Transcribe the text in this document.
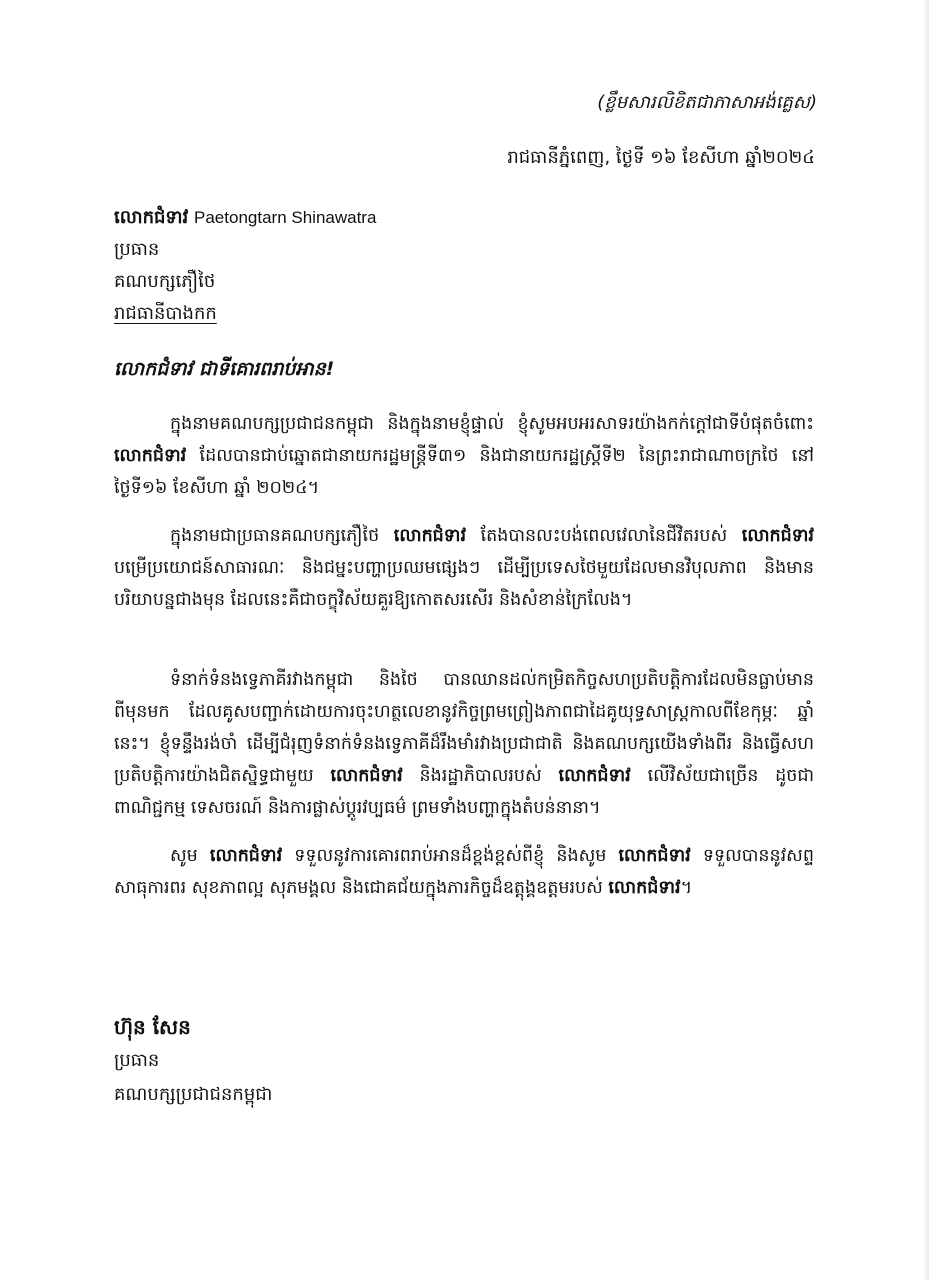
(ខ្លឹមសារលិខិតជាភាសាអង់គ្លេស)
រាជធានីភ្នំពេញ, ថ្ងៃទី ១៦ ខែសីហា ឆ្នាំ២០២៤
លោកជំទាវ Paetongtarn Shinawatra
ប្រធាន
គណបក្សភឿថៃ
រាជធានីបាងកក
លោកជំទាវ ជាទីគោរពរាប់អាន!

ក្នុងនាមគណបក្សប្រជាជនកម្ពុជា និងក្នុងនាមខ្ញុំផ្ទាល់ ខ្ញុំសូមអបអរសាទរយ៉ាងកក់ក្ដៅជាទីបំផុតចំពោះ លោកជំទាវ ដែលបានជាប់ឆ្នោតជានាយករដ្ឋមន្ត្រីទី៣១ និងជានាយករដ្ឋស្ត្រីទី២ នៃព្រះរាជាណាចក្រថៃ នៅថ្ងៃទី១៦ ខែសីហា ឆ្នាំ ២០២៤។

ក្នុងនាមជាប្រធានគណបក្សភឿថៃ លោកជំទាវ តែងបានលះបង់ពេលវេលានៃជីវិតរបស់ លោកជំទាវ បម្រើប្រយោជន៍សាធារណៈ និងជម្នះបញ្ហាប្រឈមផ្សេងៗ ដើម្បីប្រទេសថៃមួយដែលមានវិបុលភាព និងមានបរិយាបន្នជាងមុន ដែលនេះគឺជាចក្ខុវិស័យគួរឱ្យកោតសរសើរ និងសំខាន់ក្រៃលែង។

ទំនាក់ទំនងទ្វេភាគីរវាងកម្ពុជា និងថៃ បានឈានដល់កម្រិតកិច្ចសហប្រតិបត្តិការដែលមិនធ្លាប់មានពីមុនមក ដែលគូសបញ្ជាក់ដោយការចុះហត្ថលេខានូវកិច្ចព្រមព្រៀងភាពជាដៃគូយុទ្ធសាស្ត្រកាលពីខែកុម្ភៈ ឆ្នាំនេះ។ ខ្ញុំទន្ទឹងរង់ចាំ ដើម្បីជំរុញទំនាក់ទំនងទ្វេភាគីដ៏រឹងមាំរវាងប្រជាជាតិ និងគណបក្សយើងទាំងពីរ និងធ្វើសហប្រតិបត្តិការយ៉ាងជិតស្និទ្ធជាមួយ លោកជំទាវ និងរដ្ឋាភិបាលរបស់ លោកជំទាវ លើវិស័យជាច្រើន ដូចជា ពាណិជ្ជកម្ម ទេសចរណ៍ និងការផ្លាស់ប្ដូរវប្បធម៌ ព្រមទាំងបញ្ហាក្នុងតំបន់នានា។

សូម លោកជំទាវ ទទួលនូវការគោរពរាប់អានដ៏ខ្ពង់ខ្ពស់ពីខ្ញុំ និងសូម លោកជំទាវ ទទួលបាននូវសព្ទសាធុការពរ សុខភាពល្អ សុភមង្គល និងជោគជ័យក្នុងភារកិច្ចដ៏ឧត្តុង្គឧត្តមរបស់ លោកជំទាវ។

ហ៊ុន សែន
ប្រធាន
គណបក្សប្រជាជនកម្ពុជា
